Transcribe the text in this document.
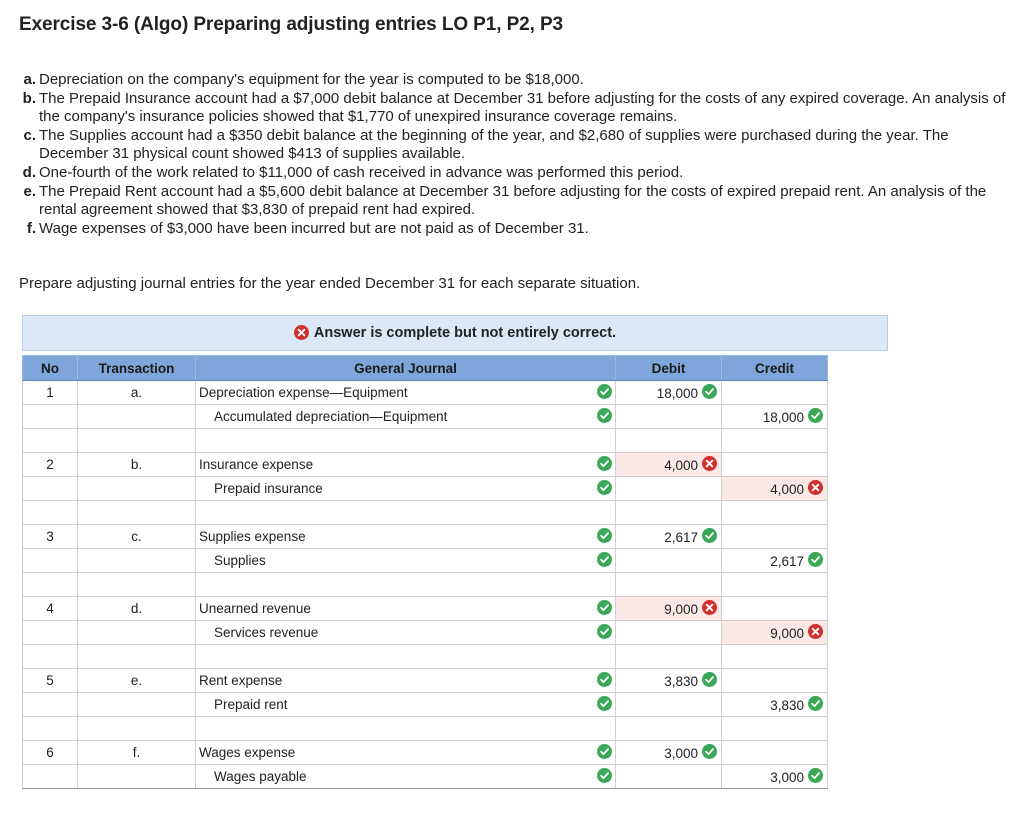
Exercise 3-6 (Algo) Preparing adjusting entries LO P1, P2, P3
a. Depreciation on the company's equipment for the year is computed to be $18,000.
b. The Prepaid Insurance account had a $7,000 debit balance at December 31 before adjusting for the costs of any expired coverage. An analysis of the company's insurance policies showed that $1,770 of unexpired insurance coverage remains.
c. The Supplies account had a $350 debit balance at the beginning of the year, and $2,680 of supplies were purchased during the year. The December 31 physical count showed $413 of supplies available.
d. One-fourth of the work related to $11,000 of cash received in advance was performed this period.
e. The Prepaid Rent account had a $5,600 debit balance at December 31 before adjusting for the costs of expired prepaid rent. An analysis of the rental agreement showed that $3,830 of prepaid rent had expired.
f. Wage expenses of $3,000 have been incurred but are not paid as of December 31.
Prepare adjusting journal entries for the year ended December 31 for each separate situation.
Answer is complete but not entirely correct.
No	Transaction	General Journal		Debit	Credit
1	a.	Depreciation expense—Equipment		18,000

		Accumulated depreciation—Equipment			18,000

2	b.	Insurance expense		4,000

		Prepaid insurance			4,000

3	c.	Supplies expense		2,617

		Supplies			2,617

4	d.	Unearned revenue		9,000

		Services revenue			9,000

5	e.	Rent expense		3,830

		Prepaid rent			3,830

6	f.	Wages expense		3,000

		Wages payable			3,000
